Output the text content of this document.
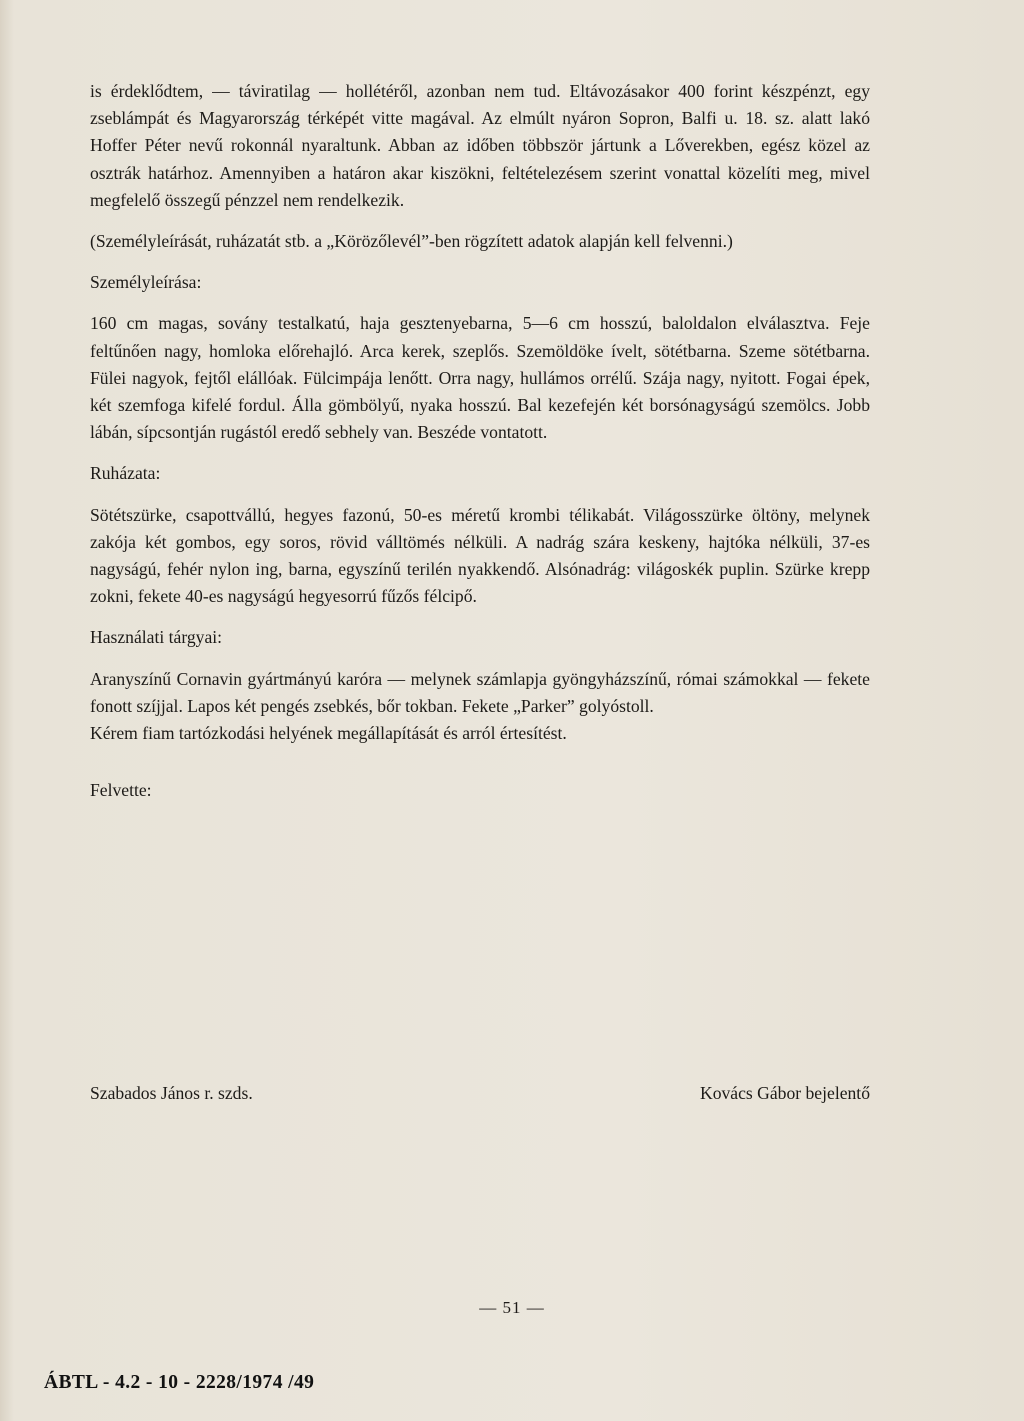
is érdeklődtem, — táviratilag — hollétéről, azonban nem tud. Eltávozásakor 400 forint készpénzt, egy zseblámpát és Magyarország térképét vitte magával. Az elmúlt nyáron Sopron, Balfi u. 18. sz. alatt lakó Hoffer Péter nevű rokonnál nyaraltunk. Abban az időben többször jártunk a Lőverekben, egész közel az osztrák határhoz. Amennyiben a határon akar kiszökni, feltételezésem szerint vonattal közelíti meg, mivel megfelelő összegű pénzzel nem rendelkezik.

(Személyleírását, ruházatát stb. a „Körözőlevél”-ben rögzített adatok alapján kell felvenni.)

Személyleírása:

160 cm magas, sovány testalkatú, haja gesztenyebarna, 5—6 cm hosszú, baloldalon elválasztva. Feje feltűnően nagy, homloka előrehajló. Arca kerek, szeplős. Szemöldöke ívelt, sötétbarna. Szeme sötétbarna. Fülei nagyok, fejtől elállóak. Fülcimpája lenőtt. Orra nagy, hullámos orrélű. Szája nagy, nyitott. Fogai épek, két szemfoga kifelé fordul. Álla gömbölyű, nyaka hosszú. Bal kezefején két borsónagyságú szemölcs. Jobb lábán, sípcsontján rugástól eredő sebhely van. Beszéde vontatott.

Ruházata:

Sötétszürke, csapottvállú, hegyes fazonú, 50-es méretű krombi télikabát. Világosszürke öltöny, melynek zakója két gombos, egy soros, rövid válltömés nélküli. A nadrág szára keskeny, hajtóka nélküli, 37-es nagyságú, fehér nylon ing, barna, egyszínű terilén nyakkendő. Alsónadrág: világoskék puplin. Szürke krepp zokni, fekete 40-es nagyságú hegyesorrú fűzős félcipő.

Használati tárgyai:

Aranyszínű Cornavin gyártmányú karóra — melynek számlapja gyöngyházszínű, római számokkal — fekete fonott szíjjal. Lapos két pengés zsebkés, bőr tokban. Fekete „Parker” golyóstoll.

Kérem fiam tartózkodási helyének megállapítását és arról értesítést.

Felvette:

Szabados János r. szds.	Kovács Gábor bejelentő
— 51 —
ÁBTL - 4.2 - 10 - 2228/1974 /49
